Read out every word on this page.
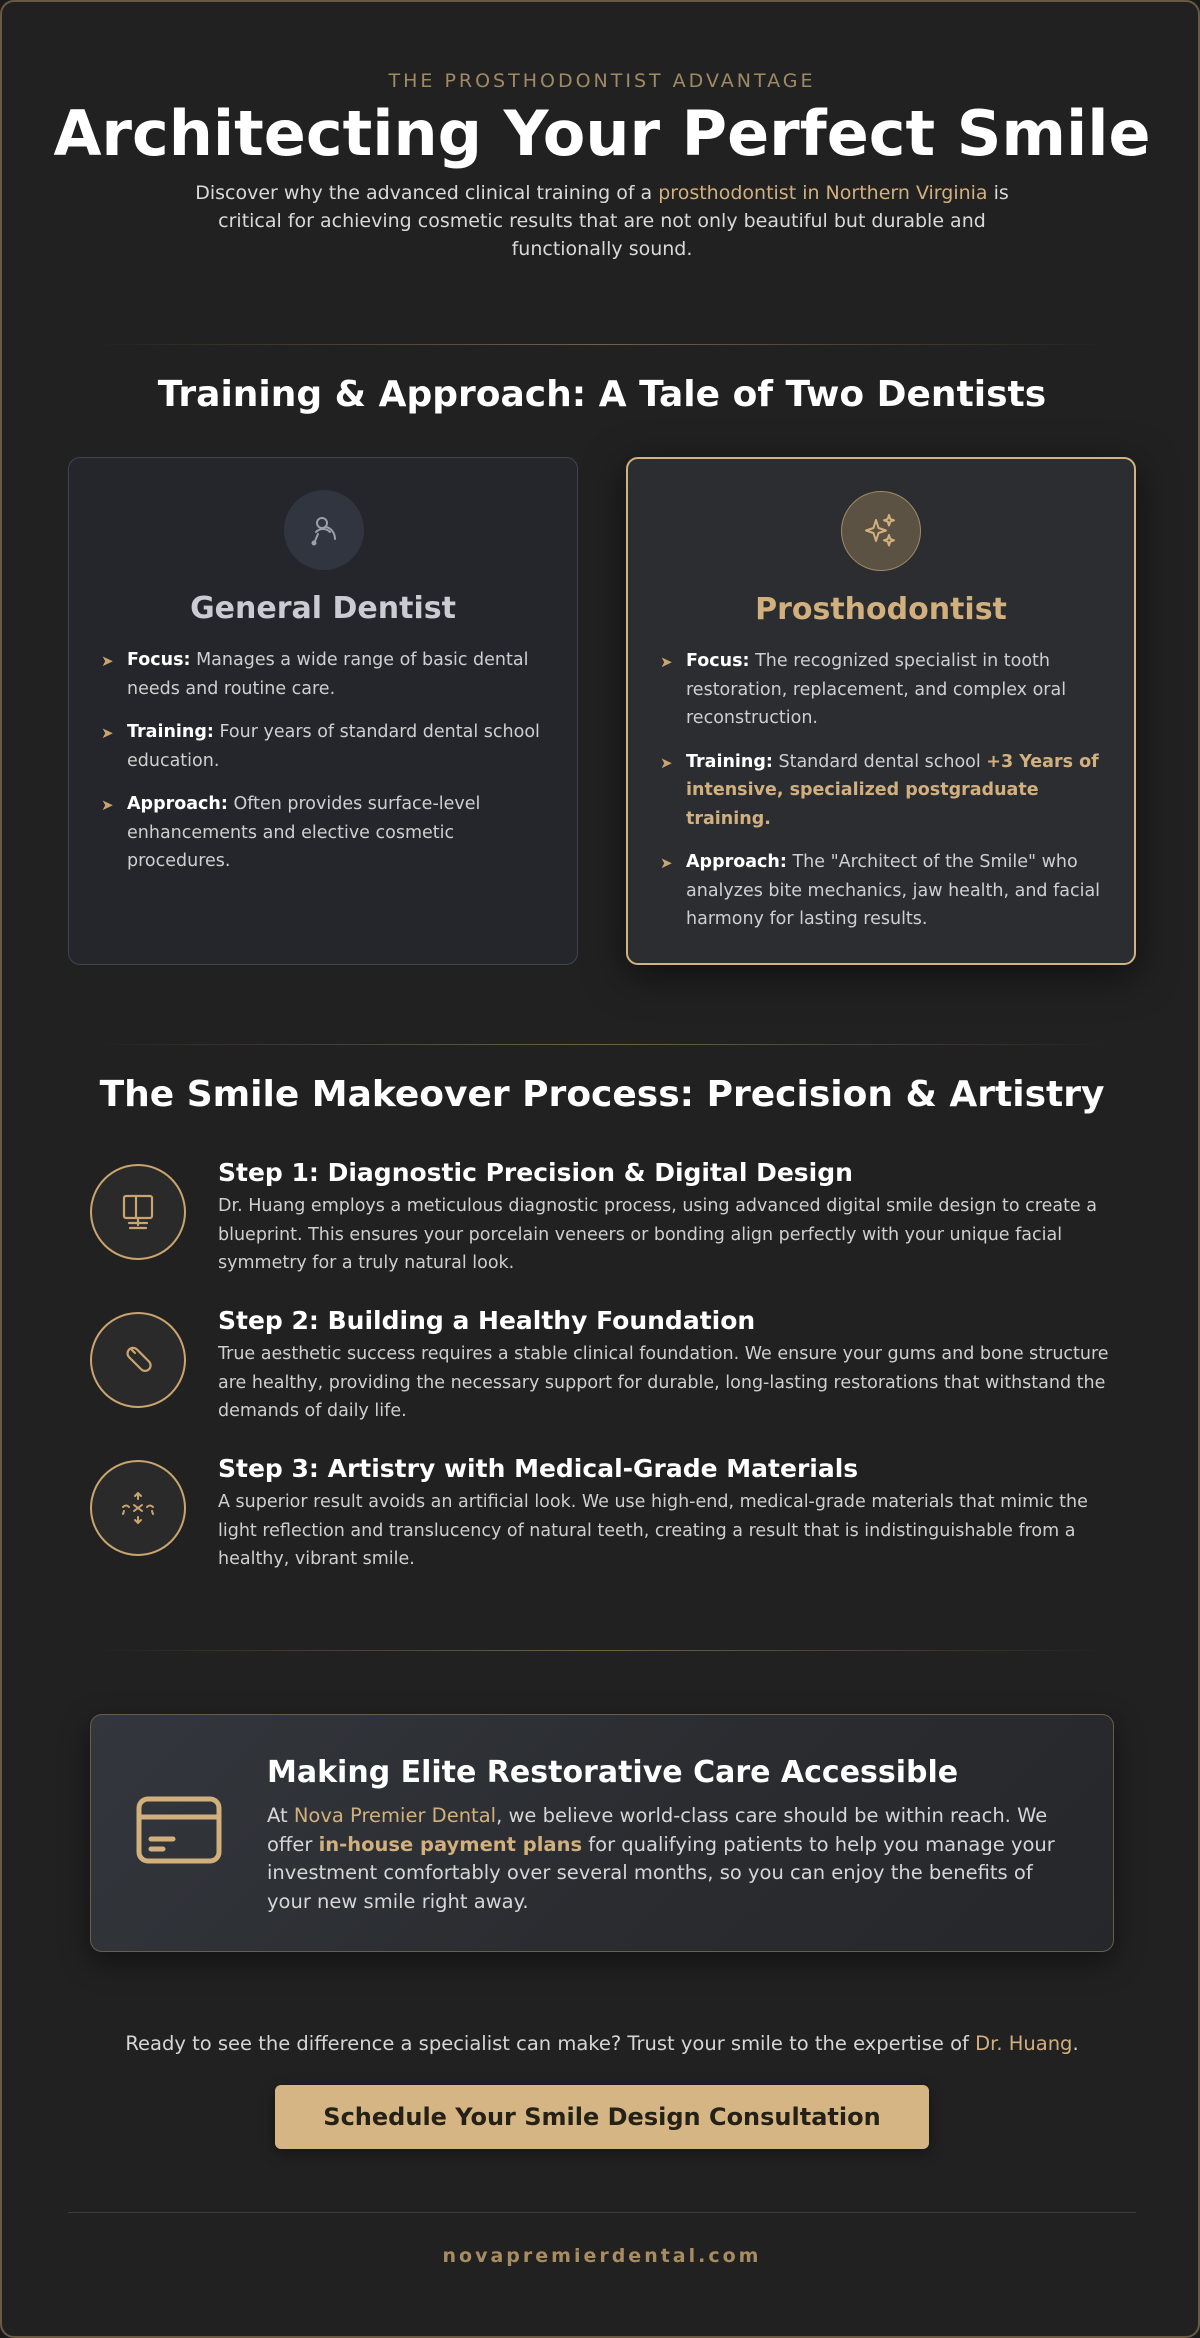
THE PROSTHODONTIST ADVANTAGE
Architecting Your Perfect Smile

Discover why the advanced clinical training of a prosthodontist in Northern Virginia is critical for achieving cosmetic results that are not only beautiful but durable and functionally sound.

Training & Approach: A Tale of Two Dentists
General Dentist
➤ Focus: Manages a wide range of basic dental needs and routine care.
➤ Training: Four years of standard dental school education.
➤ Approach: Often provides surface-level enhancements and elective cosmetic procedures.
Prosthodontist
➤ Focus: The recognized specialist in tooth restoration, replacement, and complex oral reconstruction.
➤ Training: Standard dental school +3 Years of intensive, specialized postgraduate training.
➤ Approach: The "Architect of the Smile" who analyzes bite mechanics, jaw health, and facial harmony for lasting results.
The Smile Makeover Process: Precision & Artistry
Step 1: Diagnostic Precision & Digital Design
Dr. Huang employs a meticulous diagnostic process, using advanced digital smile design to create a blueprint. This ensures your porcelain veneers or bonding align perfectly with your unique facial symmetry for a truly natural look.
Step 2: Building a Healthy Foundation
True aesthetic success requires a stable clinical foundation. We ensure your gums and bone structure are healthy, providing the necessary support for durable, long-lasting restorations that withstand the demands of daily life.
Step 3: Artistry with Medical-Grade Materials
A superior result avoids an artificial look. We use high-end, medical-grade materials that mimic the light reflection and translucency of natural teeth, creating a result that is indistinguishable from a healthy, vibrant smile.
Making Elite Restorative Care Accessible

At Nova Premier Dental, we believe world-class care should be within reach. We offer in-house payment plans for qualifying patients to help you manage your investment comfortably over several months, so you can enjoy the benefits of your new smile right away.

Ready to see the difference a specialist can make? Trust your smile to the expertise of Dr. Huang.

Schedule Your Smile Design Consultation
novapremierdental.com
